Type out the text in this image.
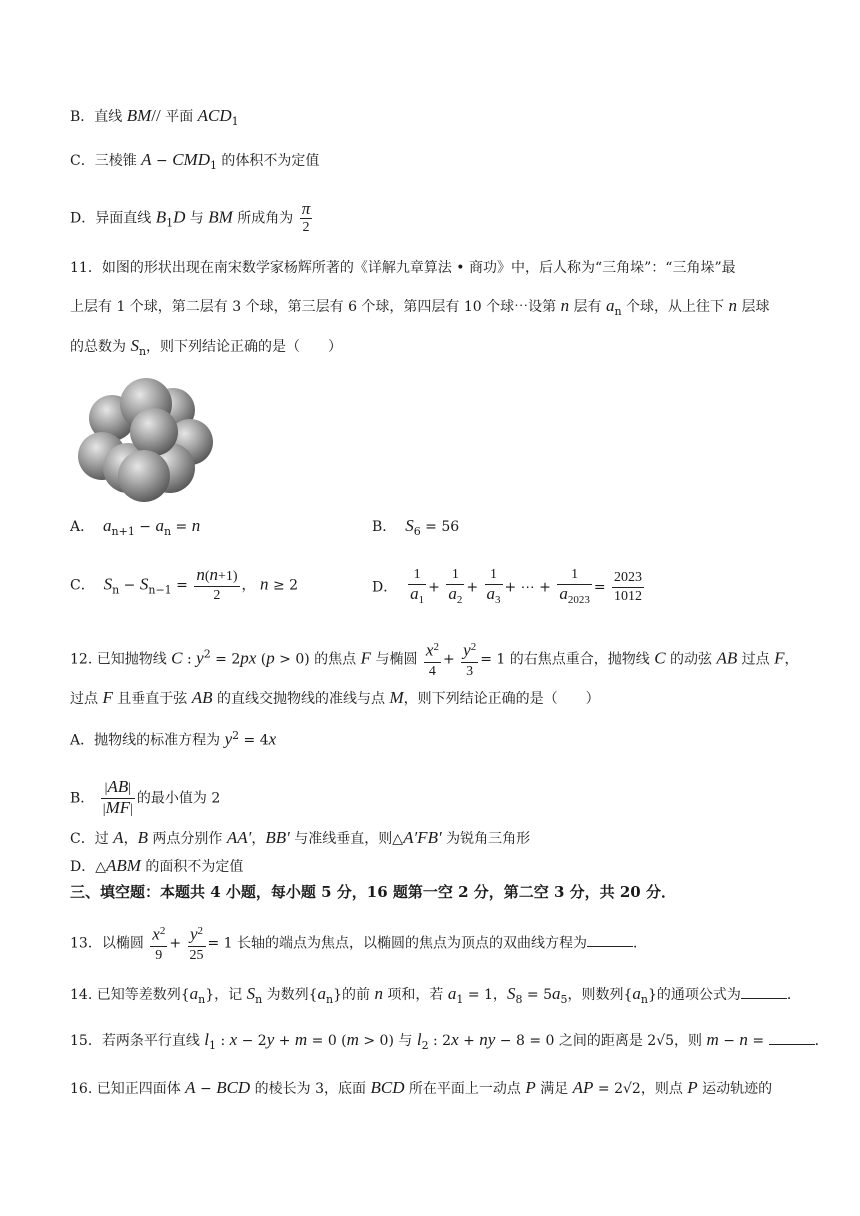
B．直线 BM// 平面 $ACD_1$
C．三棱锥 $A - CMD_1$ 的体积不为定值
D．异面直线 $B_1D$ 与 BM 所成角为 $\frac{\pi}{2}$
11．如图的形状出现在南宋数学家杨辉所著的《详解九章算法 • 商功》中，后人称为“三角垛”：“三角垛”最
上层有 1 个球，第二层有 3 个球，第三层有 6 个球，第四层有 10 个球⋯设第 n 层有 $a_n$ 个球，从上往下 n 层球
的总数为 $S_n$，则下列结论正确的是（　　）
A．  $a_{n+1} - a_n = n$	B．  $S_6 = 56$
C．  $S_n - S_{n-1} = \frac{n(n+1)}{2}$ ， n ≥ 2	D． $\frac{1}{a_1} + \frac{1}{a_2} + \frac{1}{a_3}$ + ⋯ + $\frac{1}{a_{2023}} = \frac{2023}{1012}$
12. 已知抛物线 C : $y^2 = 2px$ (p > 0) 的焦点 F 与椭圆 $\frac{x^2}{4} + \frac{y^2}{3} = 1$ 的右焦点重合，抛物线 C 的动弦 AB 过点 F，
过点 F 且垂直于弦 AB 的直线交抛物线的准线与点 M，则下列结论正确的是（　　）
A．抛物线的标准方程为 $y^2 = 4x$
B． $\frac{|AB|}{|MF|}$ 的最小值为 2
C．过 A，B 两点分别作 AA′，BB′ 与准线垂直，则△A′FB′ 为锐角三角形
D．△ABM 的面积不为定值
三、填空题：本题共 4 小题，每小题 5 分，16 题第一空 2 分，第二空 3 分，共 20 分．
13．以椭圆 $\frac{x^2}{9} + \frac{y^2}{25} = 1$ 长轴的端点为焦点，以椭圆的焦点为顶点的双曲线方程为	．
14. 已知等差数列$\{a_n\}$，记 $S_n$ 为数列$\{a_n\}$的前 n 项和，若 $a_1 = 1$，$S_8 = 5a_5$，则数列$\{a_n\}$的通项公式为	．
15．若两条平行直线 $l_1$ : x − 2y + m = 0 (m > 0) 与 $l_2$ : 2x + ny − 8 = 0 之间的距离是 2√5，则 m − n =	．
16. 已知正四面体 A − BCD 的棱长为 3，底面 BCD 所在平面上一动点 P 满足 AP = 2√2，则点 P 运动轨迹的
